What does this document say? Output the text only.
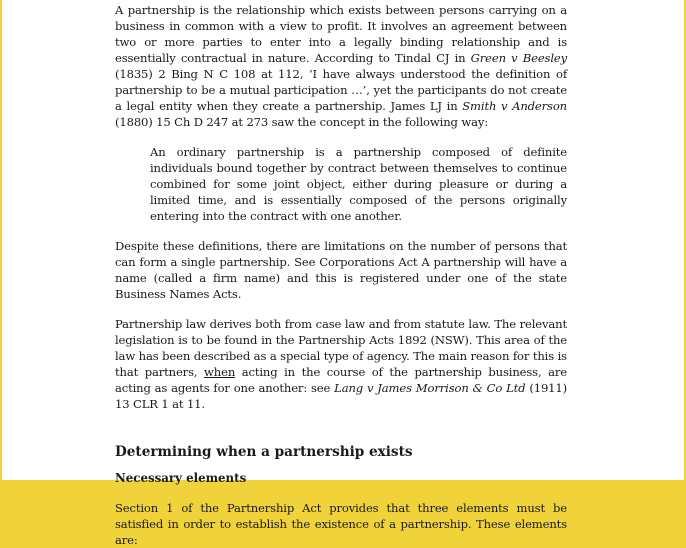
A partnership is the relationship which exists between persons carrying on a business in common with a view to profit. It involves an agreement between two or more parties to enter into a legally binding relationship and is essentially contractual in nature. According to Tindal CJ in Green v Beesley (1835) 2 Bing N C 108 at 112, ‘I have always understood the definition of partnership to be a mutual participation …’, yet the participants do not create a legal entity when they create a partnership. James LJ in Smith v Anderson (1880) 15 Ch D 247 at 273 saw the concept in the following way:

An ordinary partnership is a partnership composed of definite individuals bound together by contract between themselves to continue combined for some joint object, either during pleasure or during a limited time, and is essentially composed of the persons originally entering into the contract with one another.

Despite these definitions, there are limitations on the number of persons that can form a single partnership. See Corporations Act A partnership will have a name (called a firm name) and this is registered under one of the state Business Names Acts.

Partnership law derives both from case law and from statute law. The relevant legislation is to be found in the Partnership Acts 1892 (NSW). This area of the law has been described as a special type of agency. The main reason for this is that partners, when acting in the course of the partnership business, are acting as agents for one another: see Lang v James Morrison & Co Ltd (1911) 13 CLR 1 at 11.

Determining when a partnership exists
Necessary elements

Section 1 of the Partnership Act provides that three elements must be satisfied in order to establish the existence of a partnership. These elements are:
